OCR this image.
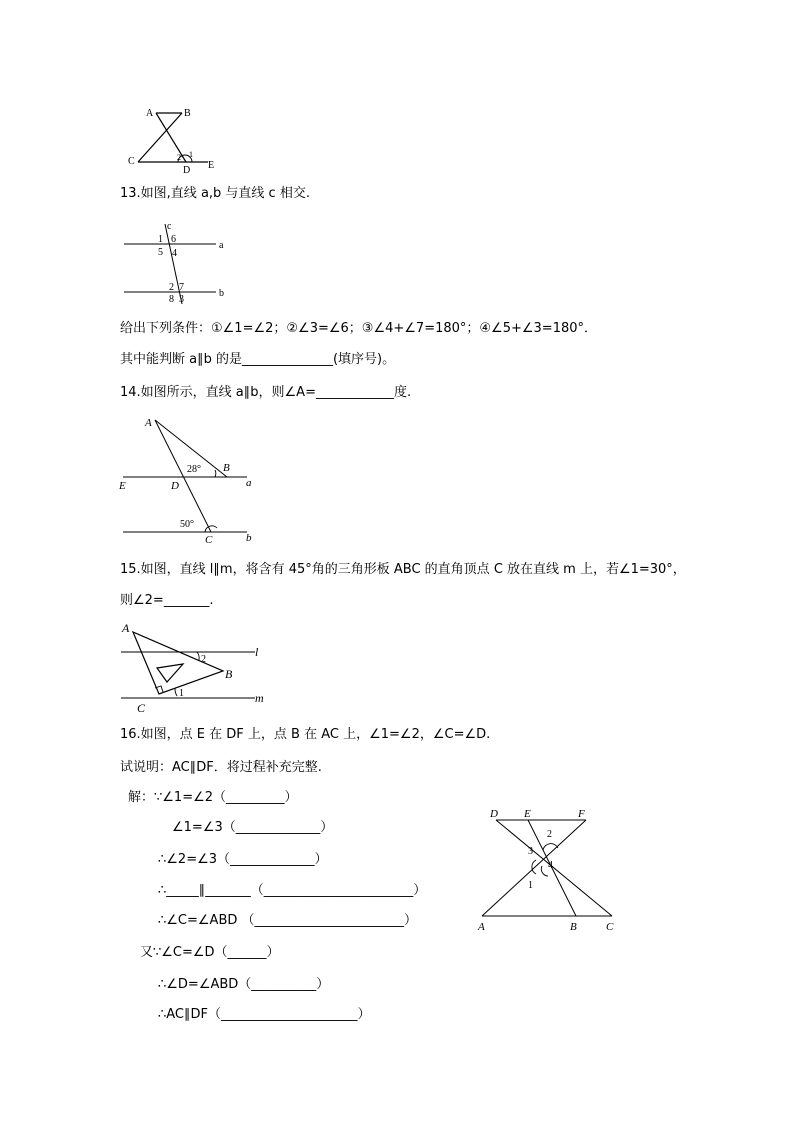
A	B
C
D E
2 1
13.如图,直线 a,b 与直线 c 相交.
c
a
b
1 6
5 4
2 7
8 3
给出下列条件：①∠1=∠2；②∠3=∠6；③∠4+∠7=180°；④∠5+∠3=180°．
其中能判断 a∥b 的是______________(填序号)。
14.如图所示，直线 a∥b，则∠A=____________度.
A
B
D
E	a
C	b
28°
50°
15.如图，直线 l∥m，将含有 45°角的三角形板 ABC 的直角顶点 C 放在直线 m 上，若∠1=30°，
则∠2=_______.
A
B
C
l
m
1
2
16.如图，点 E 在 DF 上，点 B 在 AC 上，∠1=∠2，∠C=∠D.
试说明：AC∥DF．将过程补充完整.
解：∵∠1=∠2（_________）
∠1=∠3（_____________）
∴∠2=∠3（_____________）
∴_____∥_______（_______________________）
∴∠C=∠ABD （_______________________）
又∵∠C=∠D（______）
∴∠D=∠ABD（__________）
∴AC∥DF（_____________________）
D E	F
A	B	C
2
3
4
1
